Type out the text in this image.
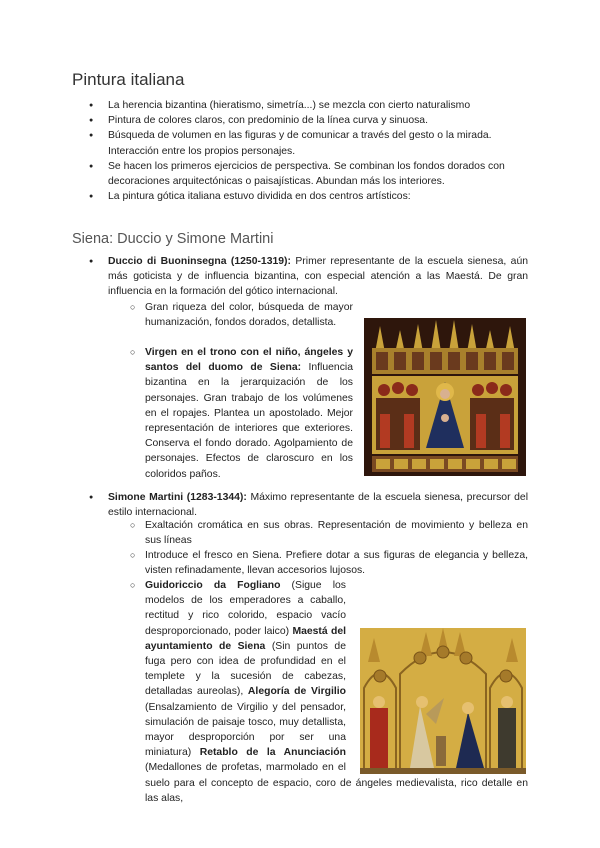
Pintura italiana
● La herencia bizantina (hieratismo, simetría...) se mezcla con cierto naturalismo
● Pintura de colores claros, con predominio de la línea curva y sinuosa.
● Búsqueda de volumen en las figuras y de comunicar a través del gesto o la mirada. Interacción entre los propios personajes.
● Se hacen los primeros ejercicios de perspectiva. Se combinan los fondos dorados con decoraciones arquitectónicas o paisajísticas. Abundan más los interiores.
● La pintura gótica italiana estuvo dividida en dos centros artísticos:
Siena: Duccio y Simone Martini
● Duccio di Buoninsegna (1250-1319): Primer representante de la escuela sienesa, aún más goticista y de influencia bizantina, con especial atención a las Maestá. De gran influencia en la formación del gótico internacional.
○ Gran riqueza del color, búsqueda de mayor humanización, fondos dorados, detallista.
○ Virgen en el trono con el niño, ángeles y santos del duomo de Siena: Influencia bizantina en la jerarquización de los personajes. Gran trabajo de los volúmenes en el ropajes. Plantea un apostolado. Mejor representación de interiores que exteriores. Conserva el fondo dorado. Agolpamiento de personajes. Efectos de claroscuro en los coloridos paños.
● Simone Martini (1283-1344): Máximo representante de la escuela sienesa, precursor del estilo internacional.
○ Exaltación cromática en sus obras. Representación de movimiento y belleza en sus líneas
○ Introduce el fresco en Siena. Prefiere dotar a sus figuras de elegancia y belleza, visten refinadamente, llevan accesorios lujosos.
○ Guidoriccio da Fogliano (Sigue los modelos de los emperadores a caballo, rectitud y rico colorido, espacio vacío desproporcionado, poder laico) Maestá del ayuntamiento de Siena (Sin puntos de fuga pero con idea de profundidad en el templete y la sucesión de cabezas, detalladas aureolas), Alegoría de Virgilio (Ensalzamiento de Virgilio y del pensador, simulación de paisaje tosco, muy detallista, mayor desproporción por ser una miniatura) Retablo de la Anunciación (Medallones de profetas, marmolado en el suelo para el concepto de espacio, coro de ángeles medievalista, rico detalle en las alas,
